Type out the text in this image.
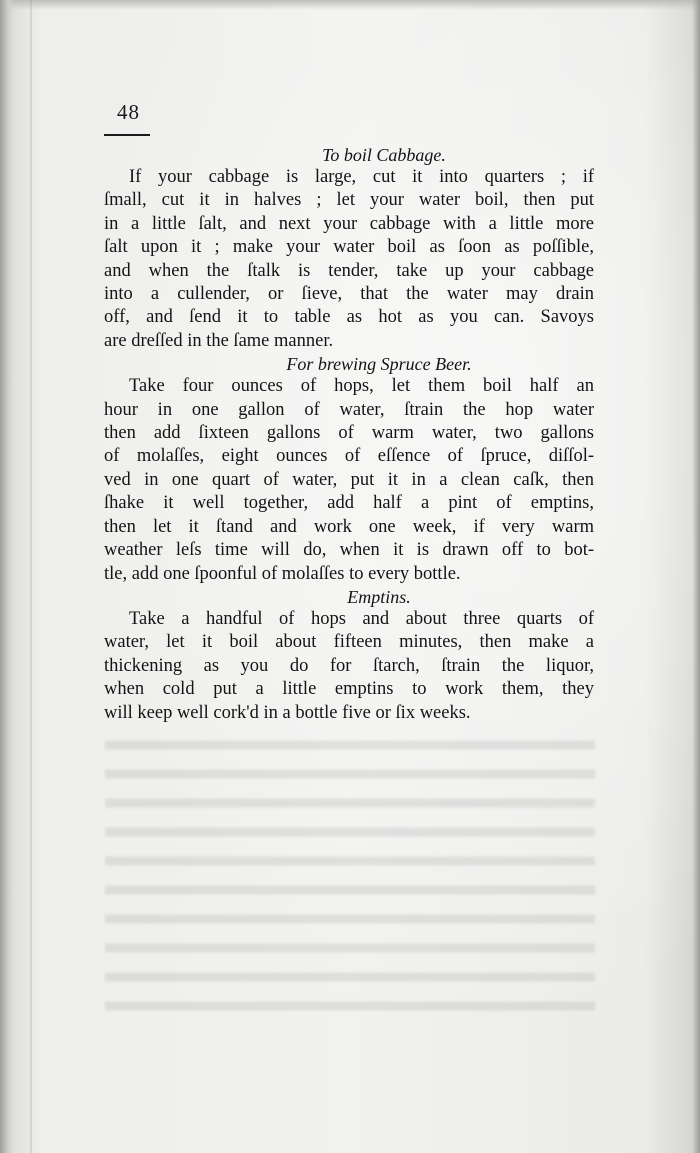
48

To boil Cabbage.

If your cabbage is large, cut it into quarters ; if
ſmall, cut it in halves ; let your water boil, then put
in a little ſalt, and next your cabbage with a little more
ſalt upon it ; make your water boil as ſoon as poſſible,
and when the ſtalk is tender, take up your cabbage
into a cullender, or ſieve, that the water may drain
off, and ſend it to table as hot as you can. Savoys
are dreſſed in the ſame manner.

For brewing Spruce Beer.

Take four ounces of hops, let them boil half an
hour in one gallon of water, ſtrain the hop water
then add ſixteen gallons of warm water, two gallons
of molaſſes, eight ounces of eſſence of ſpruce, diſſol-
ved in one quart of water, put it in a clean caſk, then
ſhake it well together, add half a pint of emptins,
then let it ſtand and work one week, if very warm
weather leſs time will do, when it is drawn off to bot-
tle, add one ſpoonful of molaſſes to every bottle.

Emptins.

Take a handful of hops and about three quarts of
water, let it boil about fifteen minutes, then make a
thickening as you do for ſtarch, ſtrain the liquor,
when cold put a little emptins to work them, they
will keep well cork'd in a bottle five or ſix weeks.
